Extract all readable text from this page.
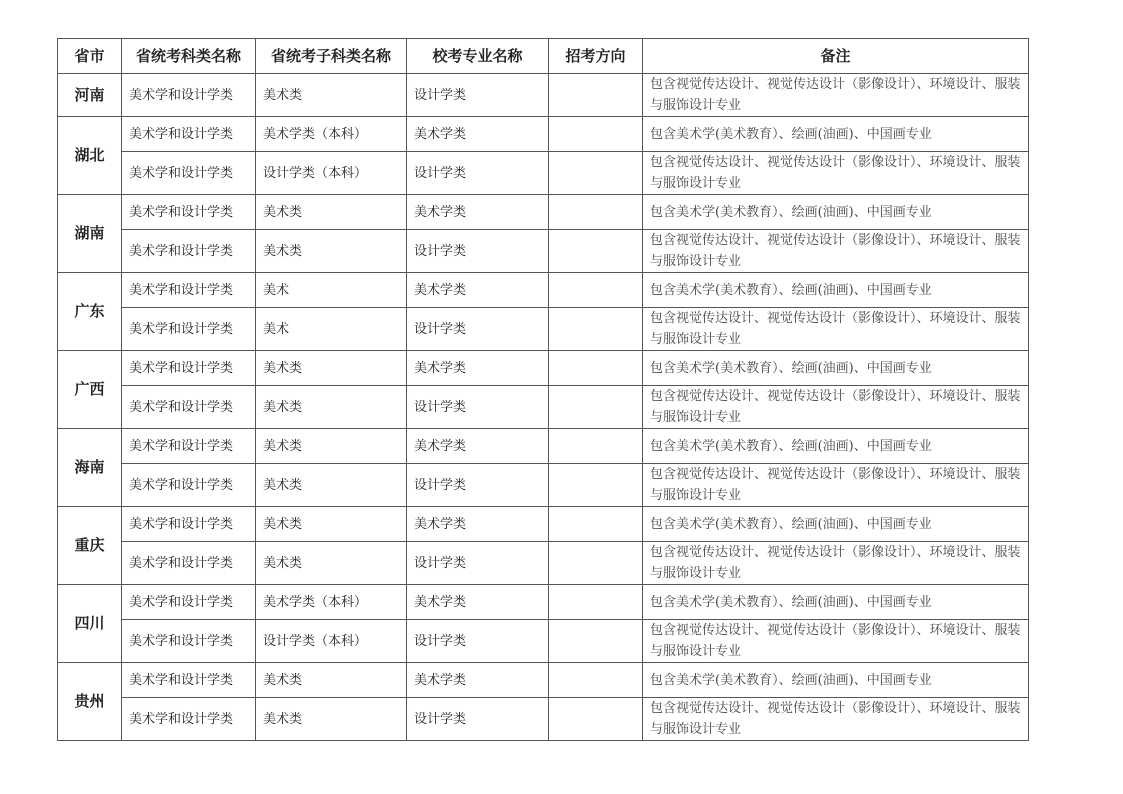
省市	省统考科类名称	省统考子科类名称	校考专业名称	招考方向	备注
河南	美术学和设计学类	美术类	设计学类		包含视觉传达设计、视觉传达设计（影像设计）、环境设计、服装与服饰设计专业
湖北	美术学和设计学类	美术学类（本科）	美术学类		包含美术学(美术教育）、绘画(油画)、中国画专业
	美术学和设计学类	设计学类（本科）	设计学类		包含视觉传达设计、视觉传达设计（影像设计）、环境设计、服装与服饰设计专业
湖南	美术学和设计学类	美术类	美术学类		包含美术学(美术教育）、绘画(油画)、中国画专业
	美术学和设计学类	美术类	设计学类		包含视觉传达设计、视觉传达设计（影像设计）、环境设计、服装与服饰设计专业
广东	美术学和设计学类	美术	美术学类		包含美术学(美术教育）、绘画(油画)、中国画专业
	美术学和设计学类	美术	设计学类		包含视觉传达设计、视觉传达设计（影像设计）、环境设计、服装与服饰设计专业
广西	美术学和设计学类	美术类	美术学类		包含美术学(美术教育）、绘画(油画)、中国画专业
	美术学和设计学类	美术类	设计学类		包含视觉传达设计、视觉传达设计（影像设计）、环境设计、服装与服饰设计专业
海南	美术学和设计学类	美术类	美术学类		包含美术学(美术教育）、绘画(油画)、中国画专业
	美术学和设计学类	美术类	设计学类		包含视觉传达设计、视觉传达设计（影像设计）、环境设计、服装与服饰设计专业
重庆	美术学和设计学类	美术类	美术学类		包含美术学(美术教育）、绘画(油画)、中国画专业
	美术学和设计学类	美术类	设计学类		包含视觉传达设计、视觉传达设计（影像设计）、环境设计、服装与服饰设计专业
四川	美术学和设计学类	美术学类（本科）	美术学类		包含美术学(美术教育）、绘画(油画)、中国画专业
	美术学和设计学类	设计学类（本科）	设计学类		包含视觉传达设计、视觉传达设计（影像设计）、环境设计、服装与服饰设计专业
贵州	美术学和设计学类	美术类	美术学类		包含美术学(美术教育）、绘画(油画)、中国画专业
	美术学和设计学类	美术类	设计学类		包含视觉传达设计、视觉传达设计（影像设计）、环境设计、服装与服饰设计专业
